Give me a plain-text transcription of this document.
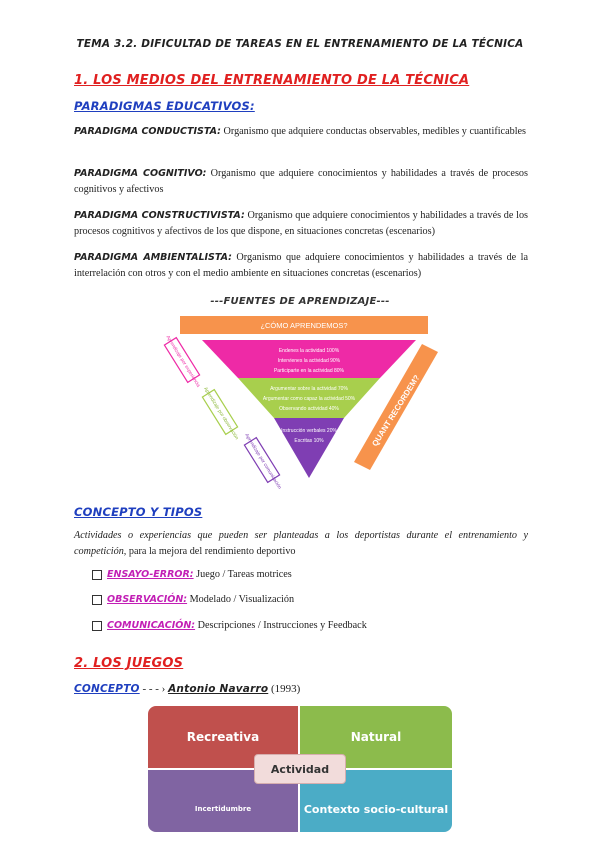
TEMA 3.2. DIFICULTAD DE TAREAS EN EL ENTRENAMIENTO DE LA TÉCNICA
1. LOS MEDIOS DEL ENTRENAMIENTO DE LA TÉCNICA
PARADIGMAS EDUCATIVOS:
PARADIGMA CONDUCTISTA: Organismo que adquiere conductas observables, medibles y cuantificables
PARADIGMA COGNITIVO: Organismo que adquiere conocimientos y habilidades a través de procesos cognitivos y afectivos
PARADIGMA CONSTRUCTIVISTA: Organismo que adquiere conocimientos y habilidades a través de los procesos cognitivos y afectivos de los que dispone, en situaciones concretas (escenarios)
PARADIGMA AMBIENTALISTA: Organismo que adquiere conocimientos y habilidades a través de la interrelación con otros y con el medio ambiente en situaciones concretas (escenarios)
---FUENTES DE APRENDIZAJE---
¿CÓMO APRENDEMOS?
Endenes la actividad 100%
Intervienes la actividad 90%
Participarte en la actividad 80%
Argumentar sobre la actividad 70%
Argumentar como capaz la actividad 50%
Observando actividad 40%
Instrucción verbales 20%
Escritas 10%	QUANT RECORDEM?
Aprendizaje por experiencia
Aprendizaje por observación
Aprendizaje por comunicación
CONCEPTO Y TIPOS
Actividades o experiencias que pueden ser planteadas a los deportistas durante el entrenamiento y competición, para la mejora del rendimiento deportivo
ENSAYO-ERROR: Juego / Tareas motrices
OBSERVACIÓN: Modelado / Visualización
COMUNICACIÓN: Descripciones / Instrucciones y Feedback
2. LOS JUEGOS
CONCEPTO - - - › Antonio Navarro (1993)
Recreativa	Natural
Incertidumbre	Contexto socio-cultural
Actividad
